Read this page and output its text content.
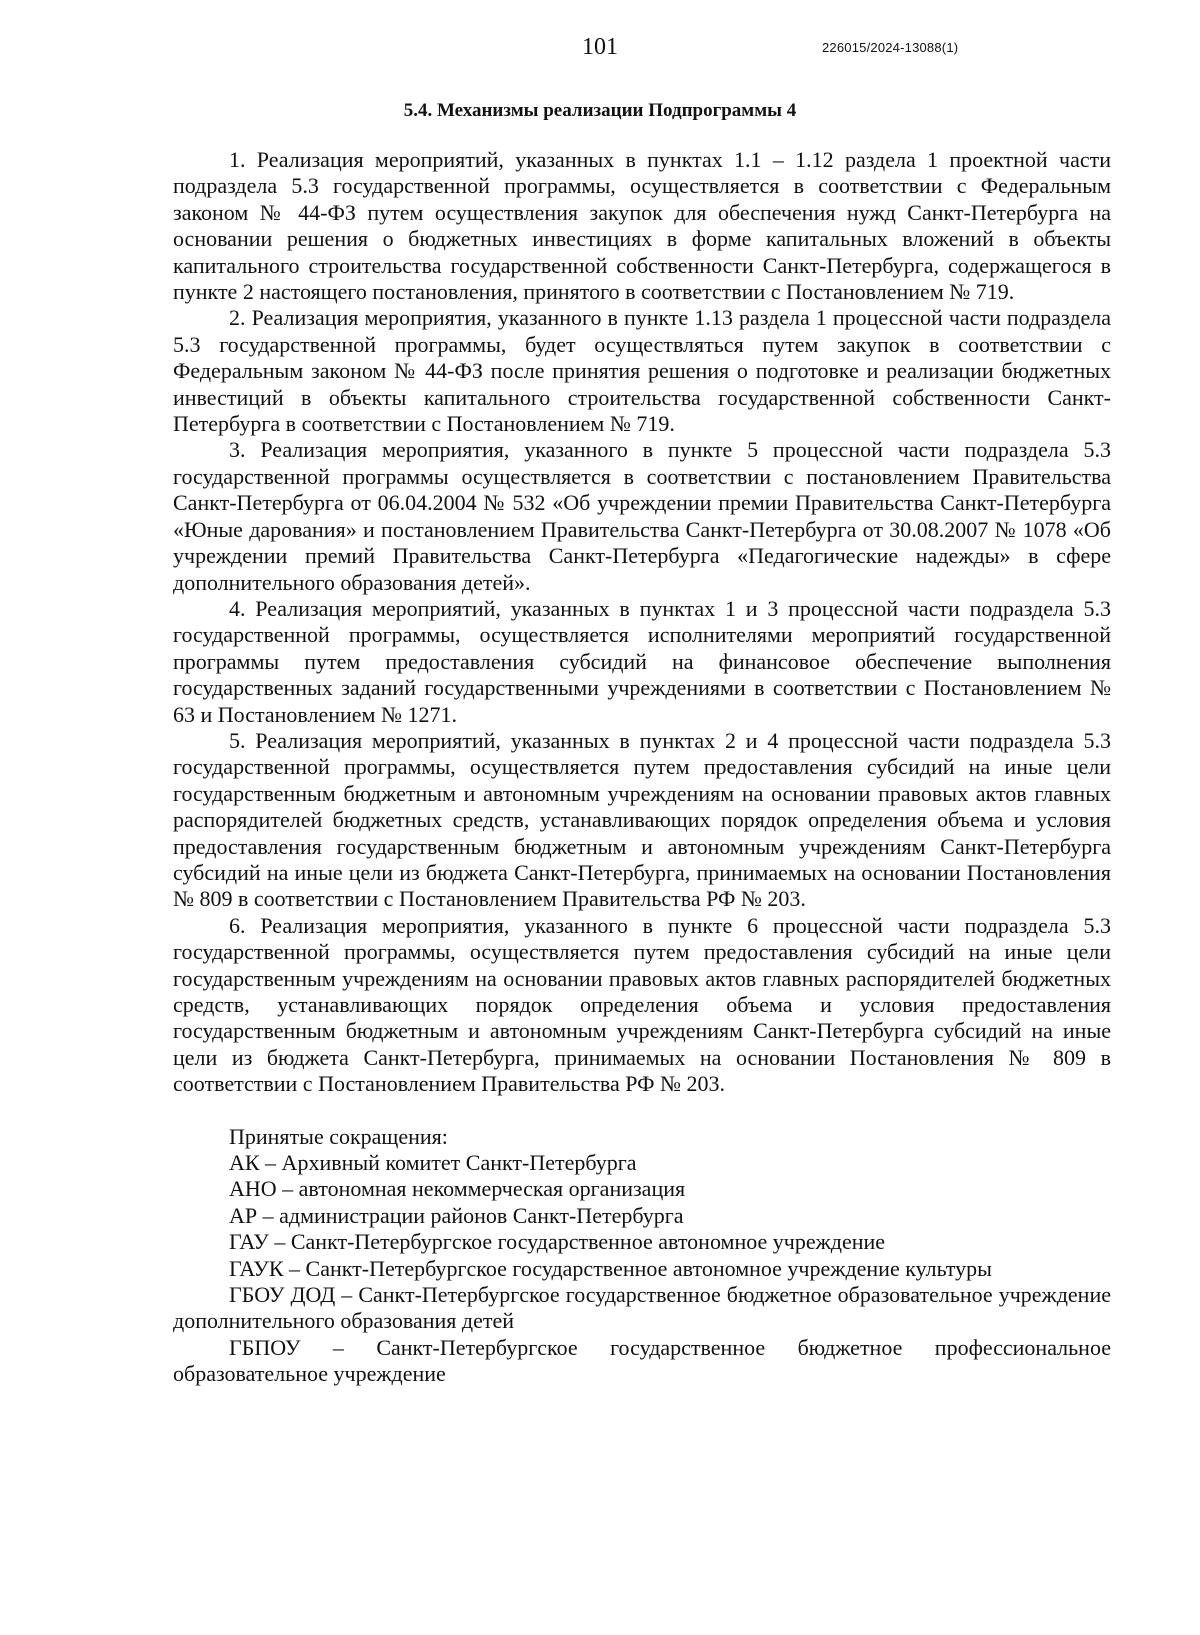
101	226015/2024-13088(1)
5.4. Механизмы реализации Подпрограммы 4

1. Реализация мероприятий, указанных в пунктах 1.1 – 1.12 раздела 1 проектной части подраздела 5.3 государственной программы, осуществляется в соответствии с Федеральным законом № 44-ФЗ путем осуществления закупок для обеспечения нужд Санкт-Петербурга на основании решения о бюджетных инвестициях в форме капитальных вложений в объекты капитального строительства государственной собственности Санкт-Петербурга, содержащегося в пункте 2 настоящего постановления, принятого в соответствии с Постановлением № 719.

2. Реализация мероприятия, указанного в пункте 1.13 раздела 1 процессной части подраздела 5.3 государственной программы, будет осуществляться путем закупок в соответствии с Федеральным законом № 44-ФЗ после принятия решения о подготовке и реализации бюджетных инвестиций в объекты капитального строительства государственной собственности Санкт-Петербурга в соответствии с Постановлением № 719.

3. Реализация мероприятия, указанного в пункте 5 процессной части подраздела 5.3 государственной программы осуществляется в соответствии с постановлением Правительства Санкт-Петербурга от 06.04.2004 № 532 «Об учреждении премии Правительства Санкт-Петербурга «Юные дарования» и постановлением Правительства Санкт-Петербурга от 30.08.2007 № 1078 «Об учреждении премий Правительства Санкт-Петербурга «Педагогические надежды» в сфере дополнительного образования детей».

4. Реализация мероприятий, указанных в пунктах 1 и 3 процессной части подраздела 5.3 государственной программы, осуществляется исполнителями мероприятий государственной программы путем предоставления субсидий на финансовое обеспечение выполнения государственных заданий государственными учреждениями в соответствии с Постановлением № 63 и Постановлением № 1271.

5. Реализация мероприятий, указанных в пунктах 2 и 4 процессной части подраздела 5.3 государственной программы, осуществляется путем предоставления субсидий на иные цели государственным бюджетным и автономным учреждениям на основании правовых актов главных распорядителей бюджетных средств, устанавливающих порядок определения объема и условия предоставления государственным бюджетным и автономным учреждениям Санкт-Петербурга субсидий на иные цели из бюджета Санкт-Петербурга, принимаемых на основании Постановления № 809 в соответствии с Постановлением Правительства РФ № 203.

6. Реализация мероприятия, указанного в пункте 6 процессной части подраздела 5.3 государственной программы, осуществляется путем предоставления субсидий на иные цели государственным учреждениям на основании правовых актов главных распорядителей бюджетных средств, устанавливающих порядок определения объема и условия предоставления государственным бюджетным и автономным учреждениям Санкт-Петербурга субсидий на иные цели из бюджета Санкт-Петербурга, принимаемых на основании Постановления № 809 в соответствии с Постановлением Правительства РФ № 203.

Принятые сокращения:

АК – Архивный комитет Санкт-Петербурга

АНО – автономная некоммерческая организация

АР – администрации районов Санкт-Петербурга

ГАУ – Санкт-Петербургское государственное автономное учреждение

ГАУК – Санкт-Петербургское государственное автономное учреждение культуры

ГБОУ ДОД – Санкт-Петербургское государственное бюджетное образовательное учреждение дополнительного образования детей

ГБПОУ – Санкт-Петербургское государственное бюджетное профессиональное образовательное учреждение
